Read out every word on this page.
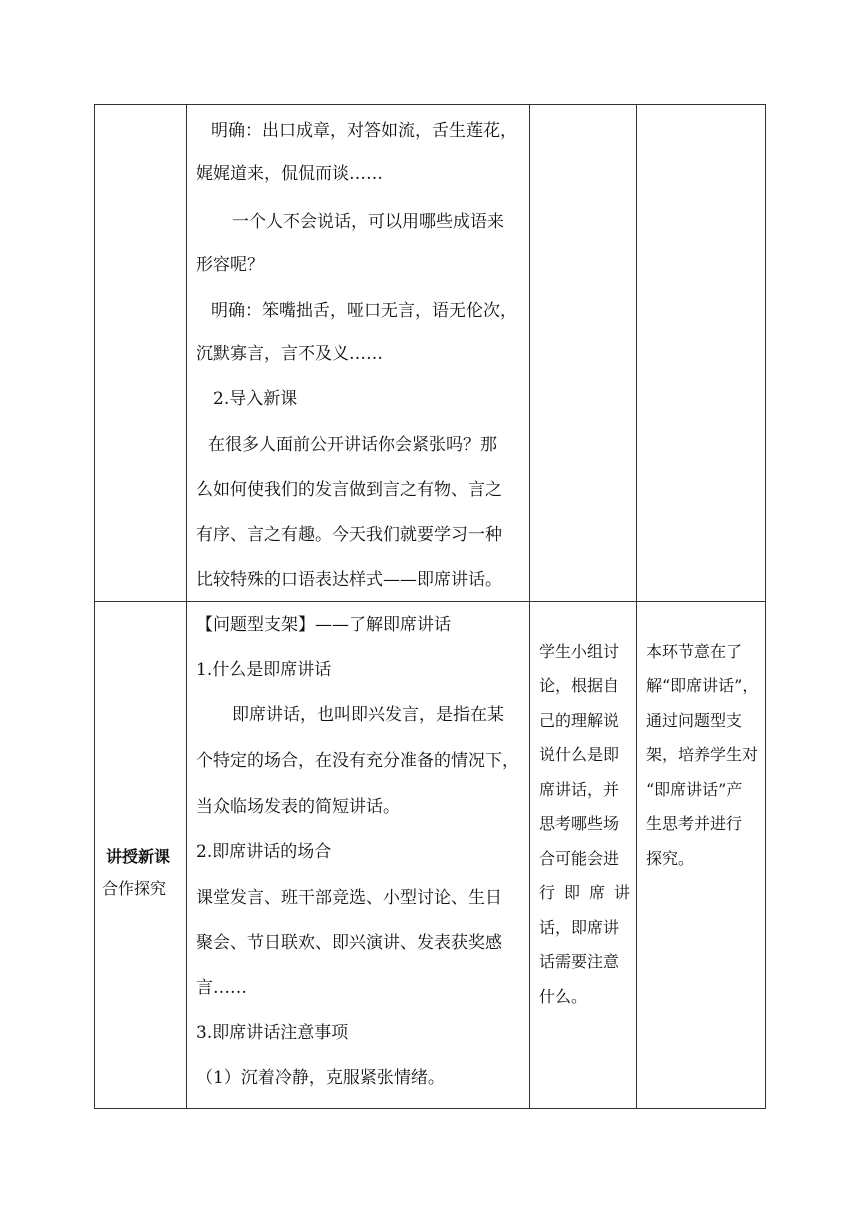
明确：出口成章，对答如流，舌生莲花，
娓娓道来，侃侃而谈……
一个人不会说话，可以用哪些成语来
形容呢？
明确：笨嘴拙舌，哑口无言，语无伦次，
沉默寡言，言不及义……
2.导入新课
在很多人面前公开讲话你会紧张吗？那
么如何使我们的发言做到言之有物、言之
有序、言之有趣。今天我们就要学习一种
比较特殊的口语表达样式——即席讲话。
讲授新课
合作探究
【问题型支架】——了解即席讲话
1.什么是即席讲话
即席讲话，也叫即兴发言，是指在某
个特定的场合，在没有充分准备的情况下，
当众临场发表的简短讲话。
2.即席讲话的场合
课堂发言、班干部竞选、小型讨论、生日
聚会、节日联欢、即兴演讲、发表获奖感
言……
3.即席讲话注意事项
（1）沉着冷静，克服紧张情绪。
学生小组讨
论，根据自
己的理解说
说什么是即
席讲话，并
思考哪些场
合可能会进
行即席讲
话，即席讲
话需要注意
什么。
本环节意在了
解“即席讲话”，
通过问题型支
架，培养学生对
“即席讲话”产
生思考并进行
探究。
